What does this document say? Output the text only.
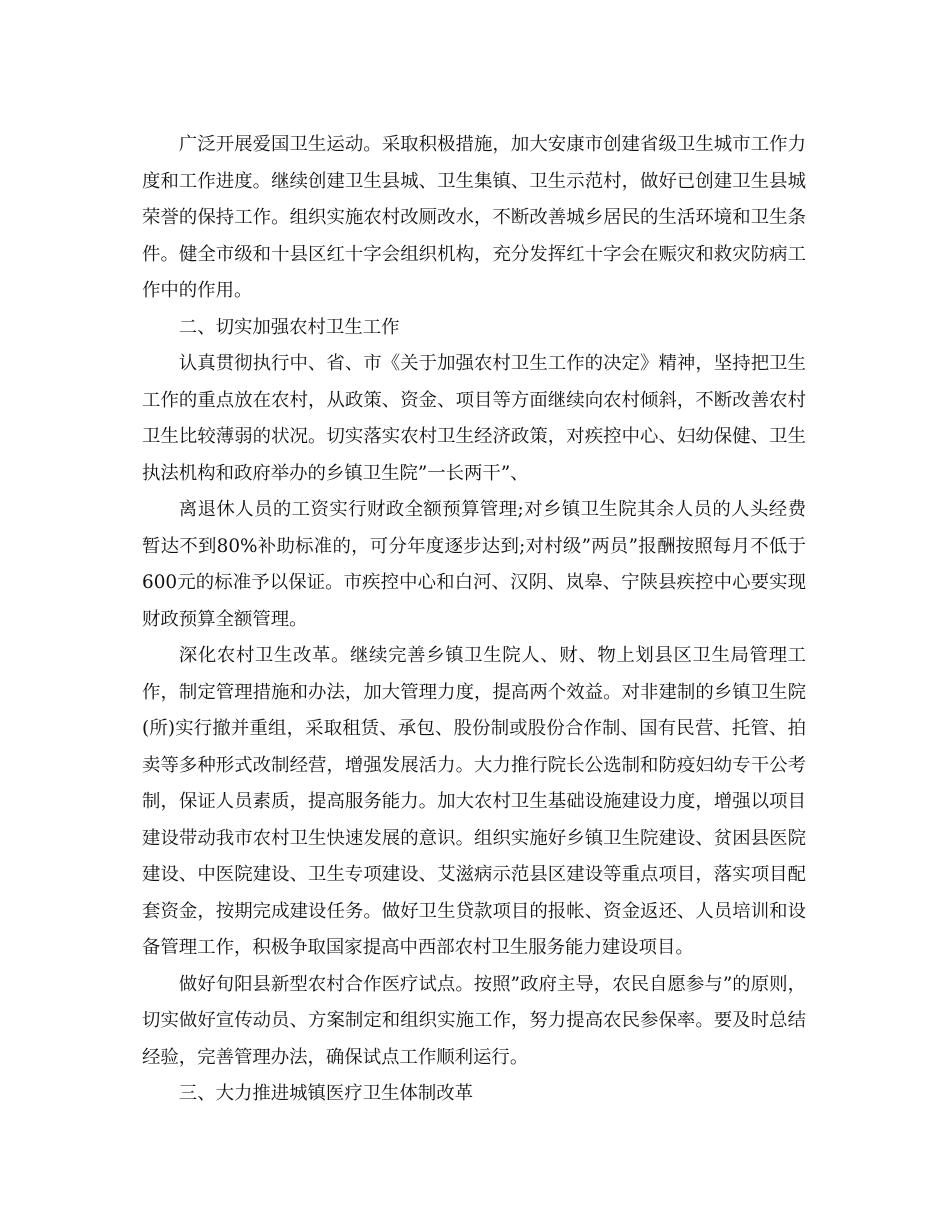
广泛开展爱国卫生运动。采取积极措施，加大安康市创建省级卫生城市工作力度和工作进度。继续创建卫生县城、卫生集镇、卫生示范村，做好已创建卫生县城荣誉的保持工作。组织实施农村改厕改水，不断改善城乡居民的生活环境和卫生条件。健全市级和十县区红十字会组织机构，充分发挥红十字会在赈灾和救灾防病工作中的作用。

二、切实加强农村卫生工作

认真贯彻执行中、省、市《关于加强农村卫生工作的决定》精神，坚持把卫生工作的重点放在农村，从政策、资金、项目等方面继续向农村倾斜，不断改善农村卫生比较薄弱的状况。切实落实农村卫生经济政策，对疾控中心、妇幼保健、卫生执法机构和政府举办的乡镇卫生院”一长两干”、

离退休人员的工资实行财政全额预算管理;对乡镇卫生院其余人员的人头经费暂达不到80%补助标准的，可分年度逐步达到;对村级”两员”报酬按照每月不低于600元的标准予以保证。市疾控中心和白河、汉阴、岚皋、宁陕县疾控中心要实现财政预算全额管理。

深化农村卫生改革。继续完善乡镇卫生院人、财、物上划县区卫生局管理工作，制定管理措施和办法，加大管理力度，提高两个效益。对非建制的乡镇卫生院(所)实行撤并重组，采取租赁、承包、股份制或股份合作制、国有民营、托管、拍卖等多种形式改制经营，增强发展活力。大力推行院长公选制和防疫妇幼专干公考制，保证人员素质，提高服务能力。加大农村卫生基础设施建设力度，增强以项目建设带动我市农村卫生快速发展的意识。组织实施好乡镇卫生院建设、贫困县医院建设、中医院建设、卫生专项建设、艾滋病示范县区建设等重点项目，落实项目配套资金，按期完成建设任务。做好卫生贷款项目的报帐、资金返还、人员培训和设备管理工作，积极争取国家提高中西部农村卫生服务能力建设项目。

做好旬阳县新型农村合作医疗试点。按照”政府主导，农民自愿参与”的原则，切实做好宣传动员、方案制定和组织实施工作，努力提高农民参保率。要及时总结经验，完善管理办法，确保试点工作顺利运行。

三、大力推进城镇医疗卫生体制改革
